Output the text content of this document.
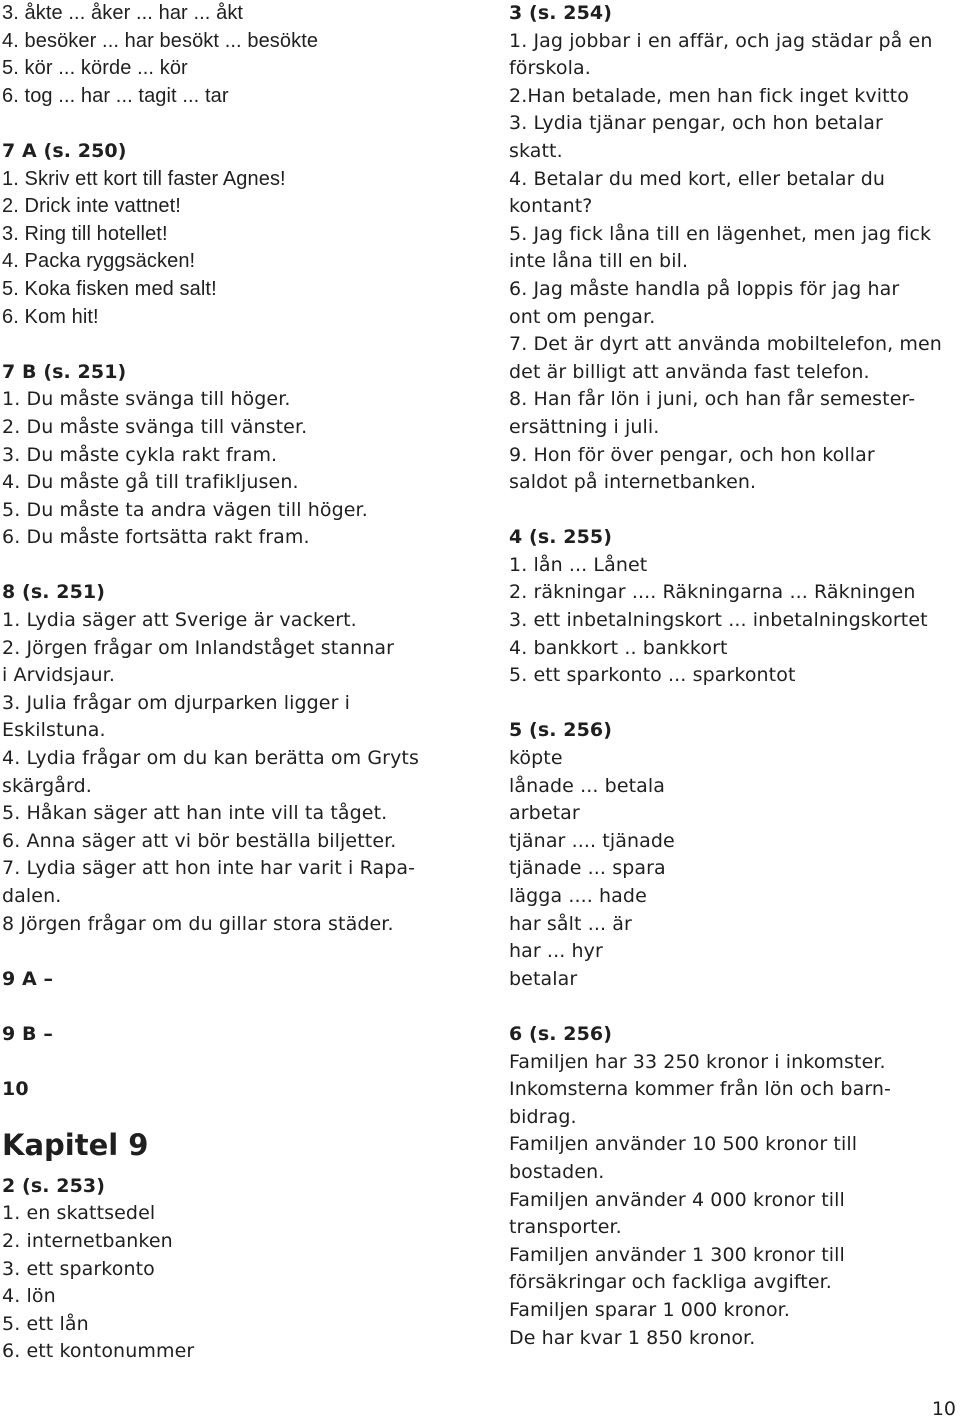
3. åkte ... åker ... har ... åkt
4. besöker ... har besökt ... besökte
5. kör ... körde ... kör
6. tog ... har ... tagit ... tar
7 A (s. 250)
1. Skriv ett kort till faster Agnes!
2. Drick inte vattnet!
3. Ring till hotellet!
4. Packa ryggsäcken!
5. Koka fisken med salt!
6. Kom hit!
7 B (s. 251)
1. Du måste svänga till höger.
2. Du måste svänga till vänster.
3. Du måste cykla rakt fram.
4. Du måste gå till trafikljusen.
5. Du måste ta andra vägen till höger.
6. Du måste fortsätta rakt fram.
8 (s. 251)
1. Lydia säger att Sverige är vackert.
2. Jörgen frågar om Inlandståget stannar
i Arvidsjaur.
3. Julia frågar om djurparken ligger i
Eskilstuna.
4. Lydia frågar om du kan berätta om Gryts
skärgård.
5. Håkan säger att han inte vill ta tåget.
6. Anna säger att vi bör beställa biljetter.
7. Lydia säger att hon inte har varit i Rapa-
dalen.
8 Jörgen frågar om du gillar stora städer.
9 A –
9 B –
10
Kapitel 9
2 (s. 253)
1. en skattsedel
2. internetbanken
3. ett sparkonto
4. lön
5. ett lån
6. ett kontonummer
3 (s. 254)
1. Jag jobbar i en affär, och jag städar på en
förskola.
2.Han betalade, men han fick inget kvitto
3. Lydia tjänar pengar, och hon betalar
skatt.
4. Betalar du med kort, eller betalar du
kontant?
5. Jag fick låna till en lägenhet, men jag fick
inte låna till en bil.
6. Jag måste handla på loppis för jag har
ont om pengar.
7. Det är dyrt att använda mobiltelefon, men
det är billigt att använda fast telefon.
8. Han får lön i juni, och han får semester-
ersättning i juli.
9. Hon för över pengar, och hon kollar
saldot på internetbanken.
4 (s. 255)
1. lån ... Lånet
2. räkningar .... Räkningarna ... Räkningen
3. ett inbetalningskort ... inbetalningskortet
4. bankkort .. bankkort
5. ett sparkonto ... sparkontot
5 (s. 256)
köpte
lånade ... betala
arbetar
tjänar .... tjänade
tjänade ... spara
lägga .... hade
har sålt ... är
har ... hyr
betalar
6 (s. 256)
Familjen har 33 250 kronor i inkomster.
Inkomsterna kommer från lön och barn-
bidrag.
Familjen använder 10 500 kronor till
bostaden.
Familjen använder 4 000 kronor till
transporter.
Familjen använder 1 300 kronor till
försäkringar och fackliga avgifter.
Familjen sparar 1 000 kronor.
De har kvar 1 850 kronor.
10
